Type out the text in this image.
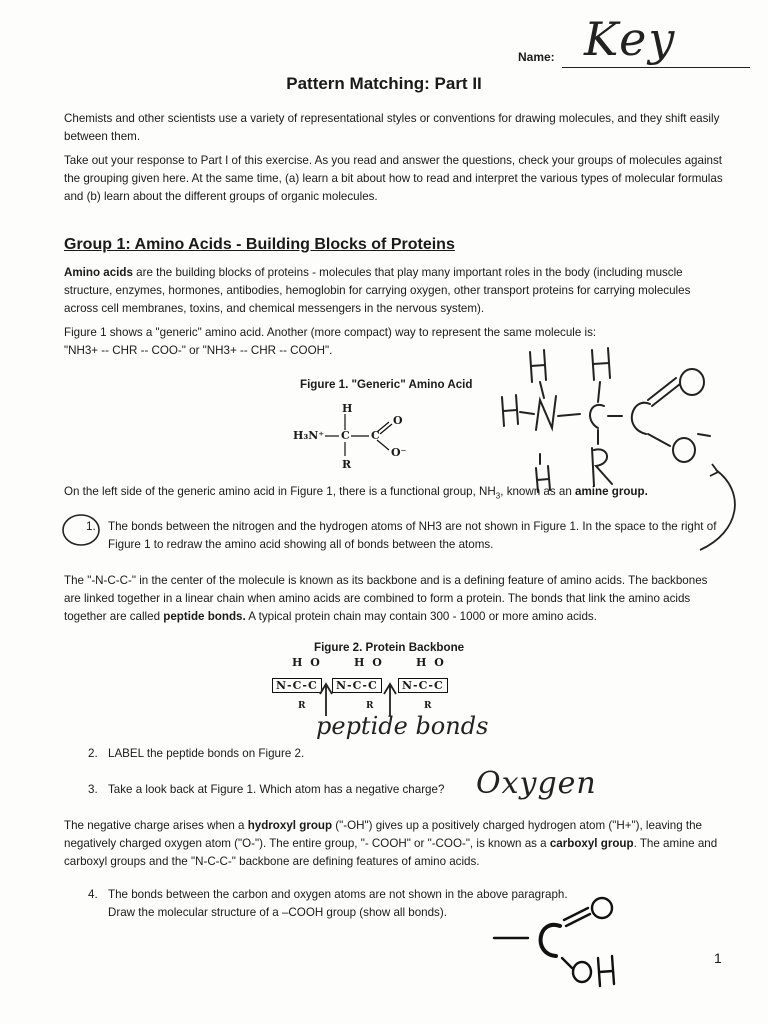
Name: Key
Pattern Matching: Part II
Chemists and other scientists use a variety of representational styles or conventions for drawing molecules, and they shift easily between them.
Take out your response to Part I of this exercise. As you read and answer the questions, check your groups of molecules against the grouping given here. At the same time, (a) learn a bit about how to read and interpret the various types of molecular formulas and (b) learn about the different groups of organic molecules.
Group 1: Amino Acids - Building Blocks of Proteins
Amino acids are the building blocks of proteins - molecules that play many important roles in the body (including muscle structure, enzymes, hormones, antibodies, hemoglobin for carrying oxygen, other transport proteins for carrying molecules across cell membranes, toxins, and chemical messengers in the nervous system).
Figure 1 shows a "generic" amino acid. Another (more compact) way to represent the same molecule is:
"NH3+ -- CHR -- COO-" or "NH3+ -- CHR -- COOH".
Figure 1. "Generic" Amino Acid
H
H₃N⁺ C C
O
O⁻
R
On the left side of the generic amino acid in Figure 1, there is a functional group, $NH_3$, known as an amine group.
1. The bonds between the nitrogen and the hydrogen atoms of NH3 are not shown in Figure 1. In the space to the right of Figure 1 to redraw the amino acid showing all of bonds between the atoms.
The "-N-C-C-" in the center of the molecule is known as its backbone and is a defining feature of amino acids. The backbones are linked together in a linear chain when amino acids are combined to form a protein. The bonds that link the amino acids together are called peptide bonds. A typical protein chain may contain 300 - 1000 or more amino acids.
Figure 2. Protein Backbone
H O
N-C-C
R
H O
N-C-C
R
H O
N-C-C
R
peptide bonds
2. LABEL the peptide bonds on Figure 2.
3. Take a look back at Figure 1. Which atom has a negative charge? Oxygen
The negative charge arises when a hydroxyl group ("-OH") gives up a positively charged hydrogen atom ("H+"), leaving the negatively charged oxygen atom ("O-"). The entire group, "- COOH" or "-COO-", is known as a carboxyl group. The amine and carboxyl groups and the "N-C-C-" backbone are defining features of amino acids.
4. The bonds between the carbon and oxygen atoms are not shown in the above paragraph.
Draw the molecular structure of a –COOH group (show all bonds).
1
